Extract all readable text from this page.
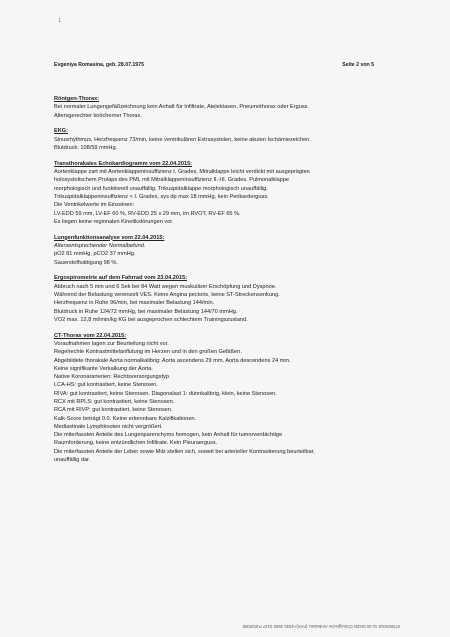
1
Evgeniya Romasina, geb. 28.07.1975	Seite 2 von 5
Röntgen-Thorax:
Bei normaler Lungengefäßzeichnung kein Anhalt für Infiltrate, Atelektasen, Pneumothorax oder Erguss.
Altersgerechter knöcherner Thorax.
EKG:
Sinusrhythmus, Herzfrequenz 73/min, keine ventrikulären Extrasystolen, keine akuten Ischämiezeichen.
Blutdruck: 108/59 mmHg.
Transthorakales Echokardiogramm vom 22.04.2015:
Aortenklappe zart mit Aortenklappeninsuffizienz I. Grades, Mitralklappe leicht verdickt mit ausgeprägten
holosystolischem Prolaps des PML mit Mitralklappeninsuffizienz II.-III. Grades. Pulmonalklappe
morphologisch und funktionell unauffällig. Trikuspidalklappe morphologisch unauffällig.
Trikuspidalklappeninsuffizienz < I. Grades, sys dp max 18 mmHg, kein Perikarderguss.
Die Ventrikelwerte im Einzelnen:
LV-EDD 59 mm, LV-EF 60 %, RV-EDD 25 x 29 mm, im RVOT, RV-EF 65 %.
Es liegen keine regionalen Kinetikstörungen vor.
Lungenfunktionsanalyse vom 22.04.2015:
Altersentsprechender Normalbefund.
pO2 81 mmHg, pCO2 37 mmHg.
Sauerstoffsättigung 98 %.
Ergospirometrie auf dem Fahrrad vom 23.04.2015:
Abbruch nach 5 min und 6 Sek bei 84 Watt wegen muskulärer Erschöpfung und Dyspnoe.
Während der Belastung vereinzelt VES. Keine Angina pectoris, keine ST-Streckensenkung.
Herzfrequenz in Ruhe 96/min, bei maximaler Belastung 144/min.
Blutdruck in Ruhe 124/72 mmHg, bei maximaler Belastung 144/70 mmHg.
VO2 max. 12,8 ml/min/kg KG bei ausgeprochen schlechtem Trainingszustand.
CT-Thorax vom 22.04.2015:
Voraufnahmen lagen zur Beurteilung nicht vor.
Regelrechte Kontrastmittelanflutung im Herzen und in den großen Gefäßen.
Abgebildete thorakale Aorta normalkalibrig: Aorta ascendens 29 mm, Aorta descendens 24 mm.
Keine signifikante Verkalkung der Aorta.
Native Koronararterien: Rechtsversorgungstyp
LCA-HS: gut kontrastiert, keine Stenosen.
RIVA: gut kontrastiert, keine Stenosen. Diagonalast 1: dünnkalibrig, klein, keine Stenosen.
RCX mit RPLS: gut kontrastiert, keine Stenosen.
RCA mit RIVP: gut kontrastiert, keine Stenosen.
Kalk-Score beträgt 0.0. Keine erkennbare Kalzifikationen.
Mediastinale Lymphknoten nicht vergrößert.
Die miterfassten Anteile des Lungenparenchyms homogen, kein Anhalt für tumorverdächtige
Raumforderung, keine entzündlichen Infiltrate. Kein Pleuraerguss.
Die miterfassten Anteile der Leber sowie Milz stellen sich, soweit bei arterieller Kontrastierung beurteilbar,
unauffällig dar.
07/05/2015 11:20 DHZB Chirurgische Ambulanz (FAX)+4930 4593 2137 P.002/005
